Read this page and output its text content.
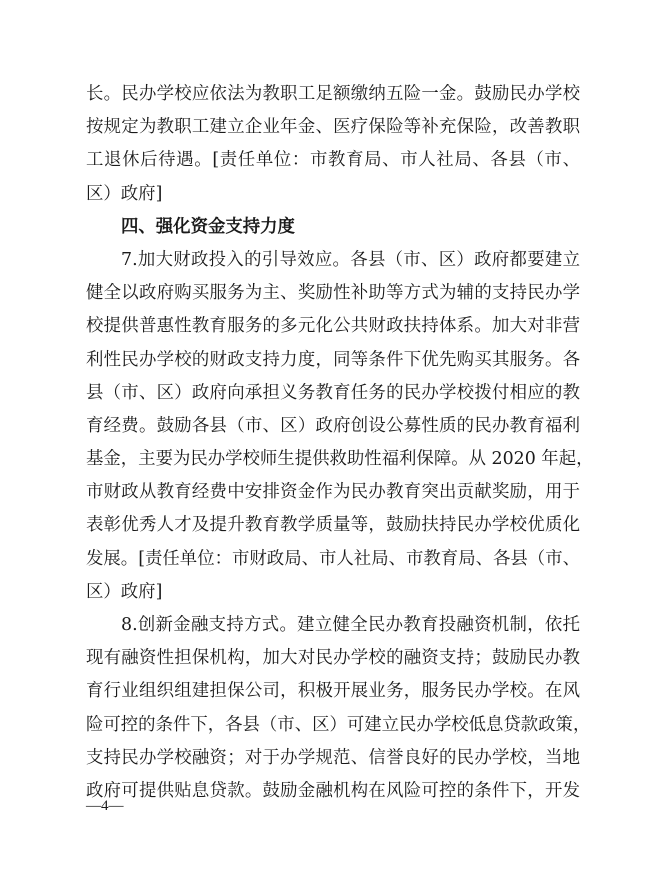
长。民办学校应依法为教职工足额缴纳五险一金。鼓励民办学校
按规定为教职工建立企业年金、医疗保险等补充保险，改善教职
工退休后待遇。[责任单位：市教育局、市人社局、各县（市、
区）政府]
四、强化资金支持力度
7.加大财政投入的引导效应。各县（市、区）政府都要建立
健全以政府购买服务为主、奖励性补助等方式为辅的支持民办学
校提供普惠性教育服务的多元化公共财政扶持体系。加大对非营
利性民办学校的财政支持力度，同等条件下优先购买其服务。各
县（市、区）政府向承担义务教育任务的民办学校拨付相应的教
育经费。鼓励各县（市、区）政府创设公募性质的民办教育福利
基金，主要为民办学校师生提供救助性福利保障。从 2020 年起，
市财政从教育经费中安排资金作为民办教育突出贡献奖励，用于
表彰优秀人才及提升教育教学质量等，鼓励扶持民办学校优质化
发展。[责任单位：市财政局、市人社局、市教育局、各县（市、
区）政府]
8.创新金融支持方式。建立健全民办教育投融资机制，依托
现有融资性担保机构，加大对民办学校的融资支持；鼓励民办教
育行业组织组建担保公司，积极开展业务，服务民办学校。在风
险可控的条件下，各县（市、区）可建立民办学校低息贷款政策，
支持民办学校融资；对于办学规范、信誉良好的民办学校，当地
政府可提供贴息贷款。鼓励金融机构在风险可控的条件下，开发
—4—
